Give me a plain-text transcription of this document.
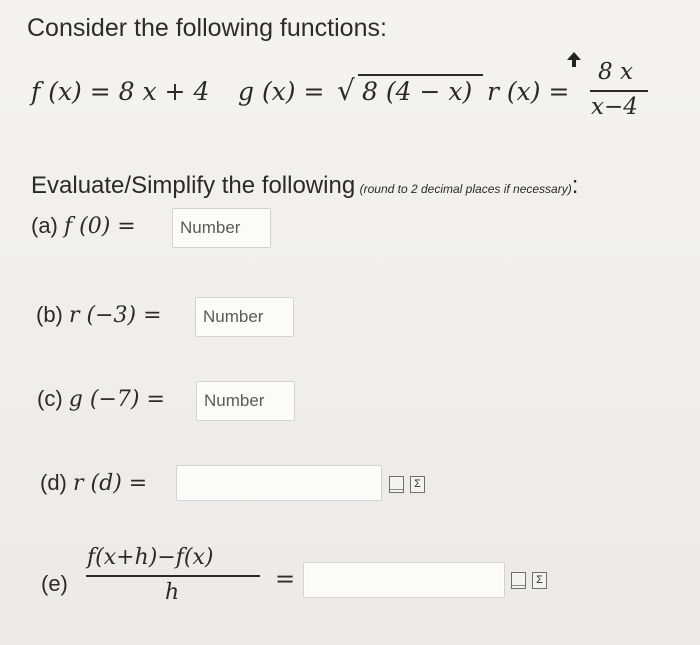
Consider the following functions:
f (x) = 8 x + 4 g (x) = √ 8 (4 − x) r (x) =
8 x
x−4
Evaluate/Simplify the following (round to 2 decimal places if necessary):
(a) f (0) =	Number
(b) r (−3) = Number
(c) g (−7) = Number
(d) r (d) =	Σ
(e)
f(x+h)−f(x)
h	=	Σ
